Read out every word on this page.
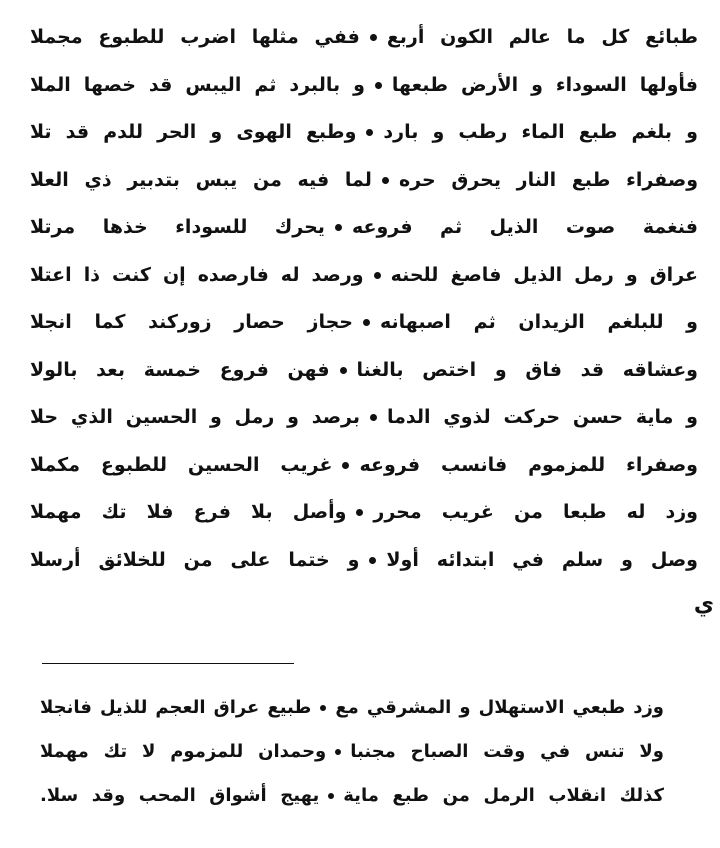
طبائع كل ما عالم الكون أربعففي مثلها اضرب للطبوع مجملا
فأولها السوداء و الأرض طبعهاو بالبرد ثم اليبس قد خصها الملا
و بلغم طبع الماء رطب و باردوطبع الهوى و الحر للدم قد تلا
وصفراء طبع النار يحرق حرهلما فيه من يبس بتدبير ذي العلا
فنغمة صوت الذيل ثم فروعهيحرك للسوداء خذها مرتلا
عراق و رمل الذيل فاصغ للحنهورصد له فارصده إن كنت ذا اعتلا
و للبلغم الزيدان ثم اصبهانهحجاز حصار زوركند كما انجلا
وعشاقه قد فاق و اختص بالغنافهن فروع خمسة بعد بالولا
و ماية حسن حركت لذوي الدمابرصد و رمل و الحسين الذي حلا
وصفراء للمزموم فانسب فروعهغريب الحسين للطبوع مكملا
وزد له طبعا من غريب محرروأصل بلا فرع فلا تك مهملا
وصل و سلم في ابتدائه أولاو ختما على من للخلائق أرسلا
ي
وزد طبعي الاستهلال و المشرقي معطبيع عراق العجم للذيل فانجلا
ولا تنس في وقت الصباح مجنباوحمدان للمزموم لا تك مهملا
كذلك انقلاب الرمل من طبع مايةيهيج أشواق المحب وقد سلا.
